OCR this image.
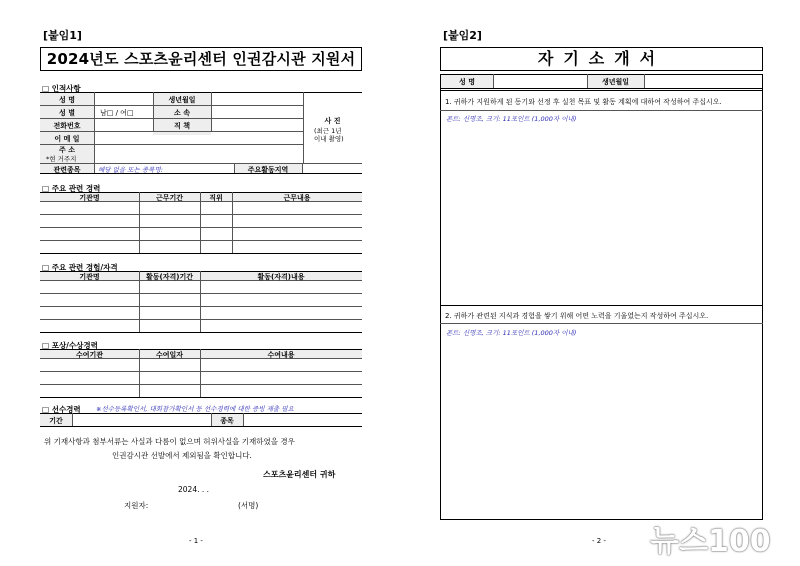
[붙임1]
2024년도 스포츠윤리센터 인권감시관 지원서
□ 인적사항
성 명	생년월일
성 별	남□ / 여□	소 속
전화번호	직 책
이 메 일
주 소
*현 거주지
관련종목	해당 없을 또는 종목명:	주요활동지역
사 진
(최근 1년
이내 촬영)
□ 주요 관련 경력
기관명	근무기간	직위	근무내용
□ 주요 관련 경험/자격
기관명	활동(자격)기간	활동(자격)내용
□ 포상/수상경력
수여기관	수여일자	수여내용
□ 선수경력 ※선수등록확인서, 대회참가확인서 등 선수경력에 대한 증빙 제출 필요
기간	종목
위 기재사항과 첨부서류는 사실과 다름이 없으며 허위사실을 기재하였을 경우
인권감시관 선발에서 제외됨을 확인합니다.
스포츠윤리센터 귀하
2024. . .
지원자:	(서명)
- 1 -
[붙임2]
자기소개서
성 명	생년월일
1. 귀하가 지원하게 된 동기와 선정 후 실천 목표 및 활동 계획에 대하여 작성하여 주십시오.
폰트: 신명조, 크기: 11포인트 (1,000자 이내)
2. 귀하가 관련된 지식과 경험을 쌓기 위해 어떤 노력을 기울였는지 작성하여 주십시오.
폰트: 신명조, 크기: 11포인트 (1,000자 이내)
- 2 - 뉴스100
